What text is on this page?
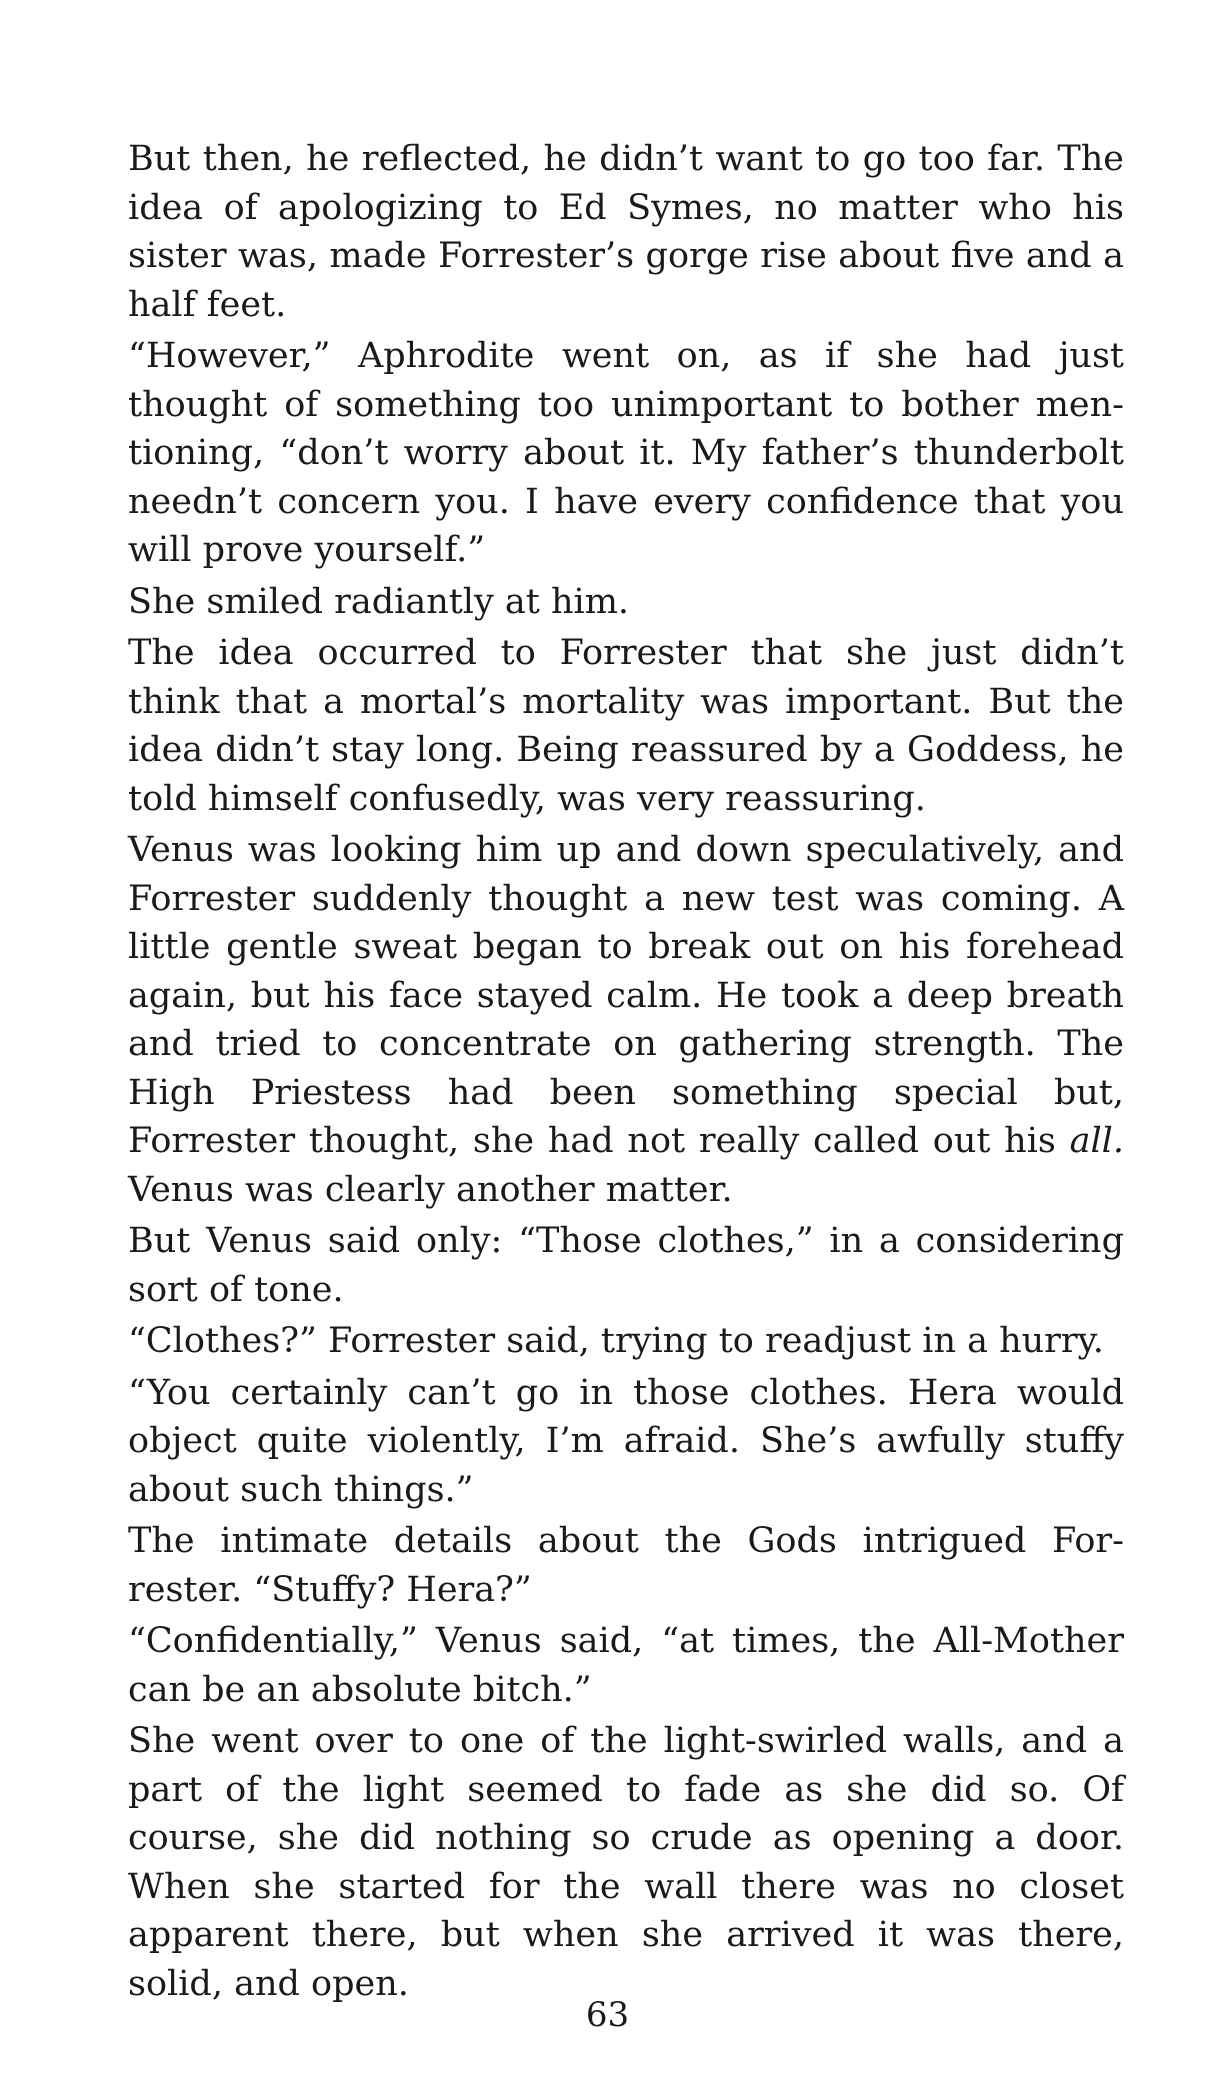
But then, he reflected, he didn’t want to go too far. The idea of apologizing to Ed Symes, no matter who his sister was, made Forrester’s gorge rise about five and a half feet.

“However,” Aphrodite went on, as if she had just thought of something too unimportant to bother mentioning, “don’t worry about it. My father’s thunderbolt needn’t concern you. I have every confidence that you will prove yourself.”

She smiled radiantly at him.

The idea occurred to Forrester that she just didn’t think that a mortal’s mortality was important. But the idea didn’t stay long. Being reassured by a Goddess, he told himself confusedly, was very reassuring.

Venus was looking him up and down speculatively, and Forrester suddenly thought a new test was coming. A little gentle sweat began to break out on his forehead again, but his face stayed calm. He took a deep breath and tried to concentrate on gathering strength. The High Priestess had been something special but, Forrester thought, she had not really called out his all. Venus was clearly another matter.

But Venus said only: “Those clothes,” in a considering sort of tone.

“Clothes?” Forrester said, trying to readjust in a hurry.

“You certainly can’t go in those clothes. Hera would object quite violently, I’m afraid. She’s awfully stuffy about such things.”

The intimate details about the Gods intrigued Forrester. “Stuffy? Hera?”

“Confidentially,” Venus said, “at times, the All-Mother can be an absolute bitch.”

She went over to one of the light-swirled walls, and a part of the light seemed to fade as she did so. Of course, she did nothing so crude as opening a door. When she started for the wall there was no closet apparent there, but when she arrived it was there, solid, and open.

63
